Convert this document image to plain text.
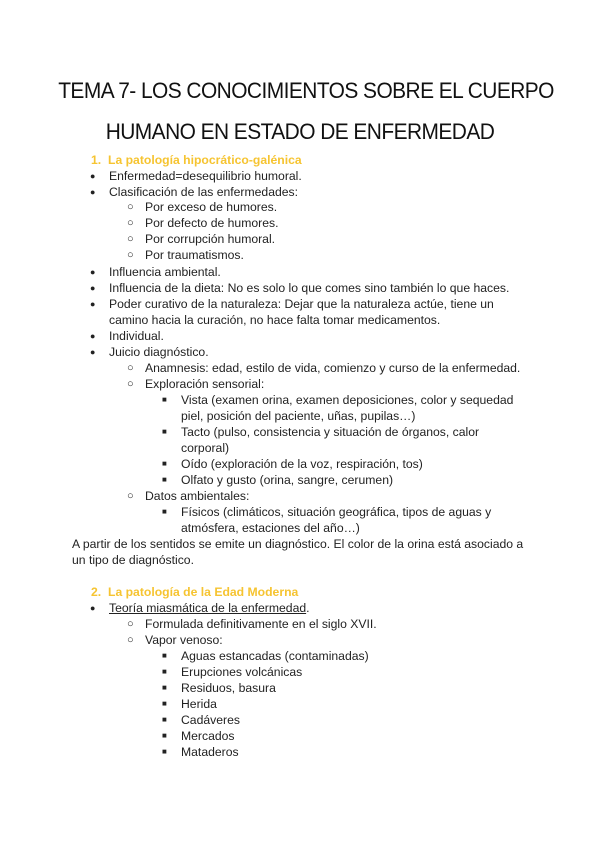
TEMA 7- LOS CONOCIMIENTOS SOBRE EL CUERPO
HUMANO EN ESTADO DE ENFERMEDAD
1. La patología hipocrático-galénica
● Enfermedad=desequilibrio humoral.
● Clasificación de las enfermedades:
○ Por exceso de humores.
○ Por defecto de humores.
○ Por corrupción humoral.
○ Por traumatismos.
● Influencia ambiental.
● Influencia de la dieta: No es solo lo que comes sino también lo que haces.
● Poder curativo de la naturaleza: Dejar que la naturaleza actúe, tiene un
camino hacia la curación, no hace falta tomar medicamentos.
● Individual.
● Juicio diagnóstico.
○ Anamnesis: edad, estilo de vida, comienzo y curso de la enfermedad.
○ Exploración sensorial:
■ Vista (examen orina, examen deposiciones, color y sequedad
piel, posición del paciente, uñas, pupilas…)
■ Tacto (pulso, consistencia y situación de órganos, calor
corporal)
■ Oído (exploración de la voz, respiración, tos)
■ Olfato y gusto (orina, sangre, cerumen)
○ Datos ambientales:
■ Físicos (climáticos, situación geográfica, tipos de aguas y
atmósfera, estaciones del año…)
A partir de los sentidos se emite un diagnóstico. El color de la orina está asociado a
un tipo de diagnóstico.
2. La patología de la Edad Moderna
● Teoría miasmática de la enfermedad.
○ Formulada definitivamente en el siglo XVII.
○ Vapor venoso:
■ Aguas estancadas (contaminadas)
■ Erupciones volcánicas
■ Residuos, basura
■ Herida
■ Cadáveres
■ Mercados
■ Mataderos
